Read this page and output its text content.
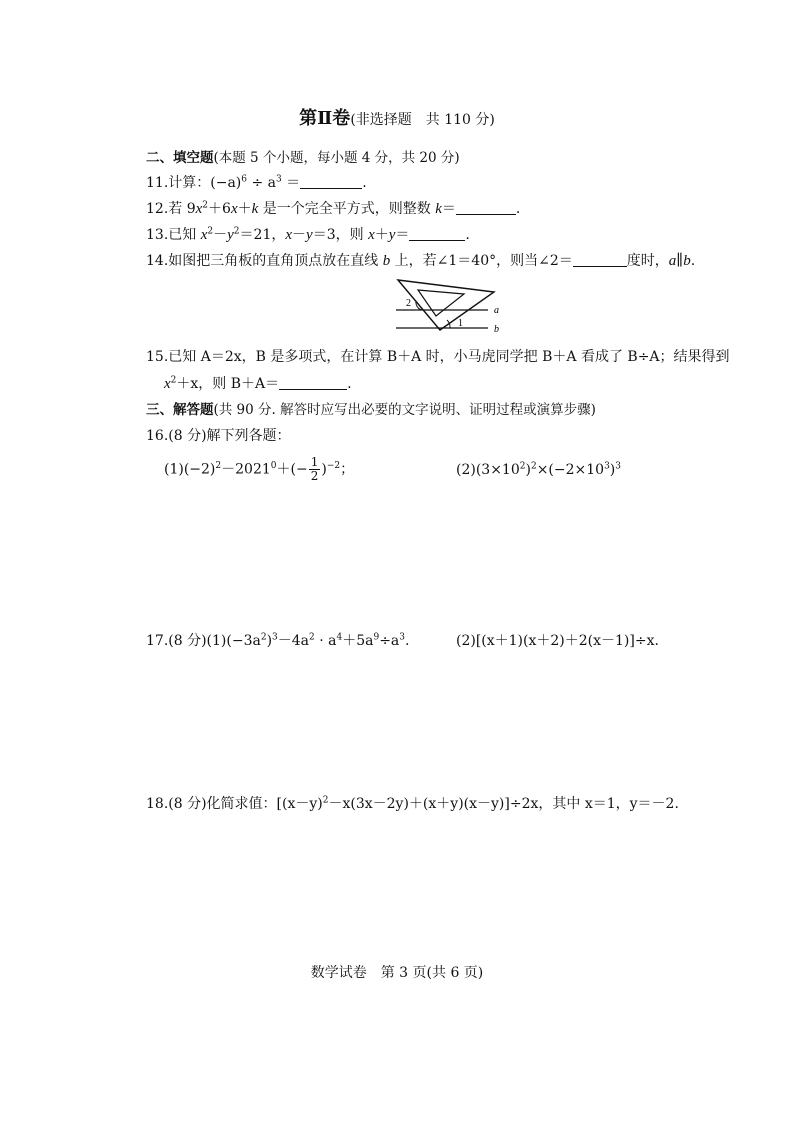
第Ⅱ卷(非选择题　共 110 分)
二、填空题(本题 5 个小题，每小题 4 分，共 20 分)
11.计算：$(-a)^6 \div a^3$ ＝	.
12.若 $9x^2+6x+k$ 是一个完全平方式，则整数 k＝	.
13.已知 $x^2-y^2=21$，x－y＝3，则 x＋y＝	.
14.如图把三角板的直角顶点放在直线 b 上，若∠1＝40°，则当∠2＝	度时，a∥b.
2
1
a
b
15.已知 A＝2x，B 是多项式，在计算 B＋A 时，小马虎同学把 B＋A 看成了 B÷A；结果得到
$x^2+x$，则 B＋A＝	.
三、解答题(共 90 分. 解答时应写出必要的文字说明、证明过程或演算步骤)
16.(8 分)解下列各题：
$(1)(-2)^2-2021^0+(- \frac{1}{2} )^{-2}$；	$(2)(3\times 10^2)^2\times(-2\times 10^3)^3$
17.(8 分)$(1)(-3a^2)^3-4a^2 \cdot a^4+5a^9\div a^3$.	(2)[(x＋1)(x＋2)＋2(x－1)]÷x.
18.(8 分)化简求值：$[(x-y)^2-x(3x-2y)+(x+y)(x-y)]\div 2x$，其中 x＝1，y＝－2.
数学试卷　第 3 页(共 6 页)
